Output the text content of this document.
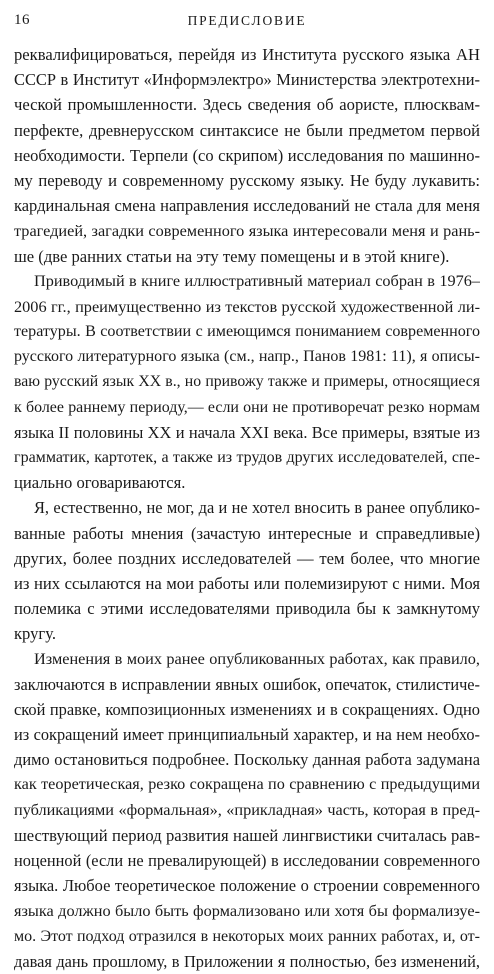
16	ПРЕДИСЛОВИЕ
реквалифицироваться, перейдя из Института русского языка АН
СССР в Институт «Информэлектро» Министерства электротехни-
ческой промышленности. Здесь сведения об аористе, плюсквам-
перфекте, древнерусском синтаксисе не были предметом первой
необходимости. Терпели (со скрипом) исследования по машинно-
му переводу и современному русскому языку. Не буду лукавить:
кардинальная смена направления исследований не стала для меня
трагедией, загадки современного языка интересовали меня и рань-
ше (две ранних статьи на эту тему помещены и в этой книге).
Приводимый в книге иллюстративный материал собран в 1976–
2006 гг., преимущественно из текстов русской художественной ли-
тературы. В соответствии с имеющимся пониманием современного
русского литературного языка (см., напр., Панов 1981: 11), я описы-
ваю русский язык XX в., но привожу также и примеры, относящиеся
к более раннему периоду,— если они не противоречат резко нормам
языка II половины XX и начала XXI века. Все примеры, взятые из
грамматик, картотек, а также из трудов других исследователей, спе-
циально оговариваются.
Я, естественно, не мог, да и не хотел вносить в ранее опублико-
ванные работы мнения (зачастую интересные и справедливые)
других, более поздних исследователей — тем более, что многие
из них ссылаются на мои работы или полемизируют с ними. Моя
полемика с этими исследователями приводила бы к замкнутому
кругу.
Изменения в моих ранее опубликованных работах, как правило,
заключаются в исправлении явных ошибок, опечаток, стилистиче-
ской правке, композиционных изменениях и в сокращениях. Одно
из сокращений имеет принципиальный характер, и на нем необхо-
димо остановиться подробнее. Поскольку данная работа задумана
как теоретическая, резко сокращена по сравнению с предыдущими
публикациями «формальная», «прикладная» часть, которая в пред-
шествующий период развития нашей лингвистики считалась рав-
ноценной (если не превалирующей) в исследовании современного
языка. Любое теоретическое положение о строении современного
языка должно было быть формализовано или хотя бы формализуе-
мо. Этот подход отразился в некоторых моих ранних работах, и, от-
давая дань прошлому, в Приложении я полностью, без изменений,
